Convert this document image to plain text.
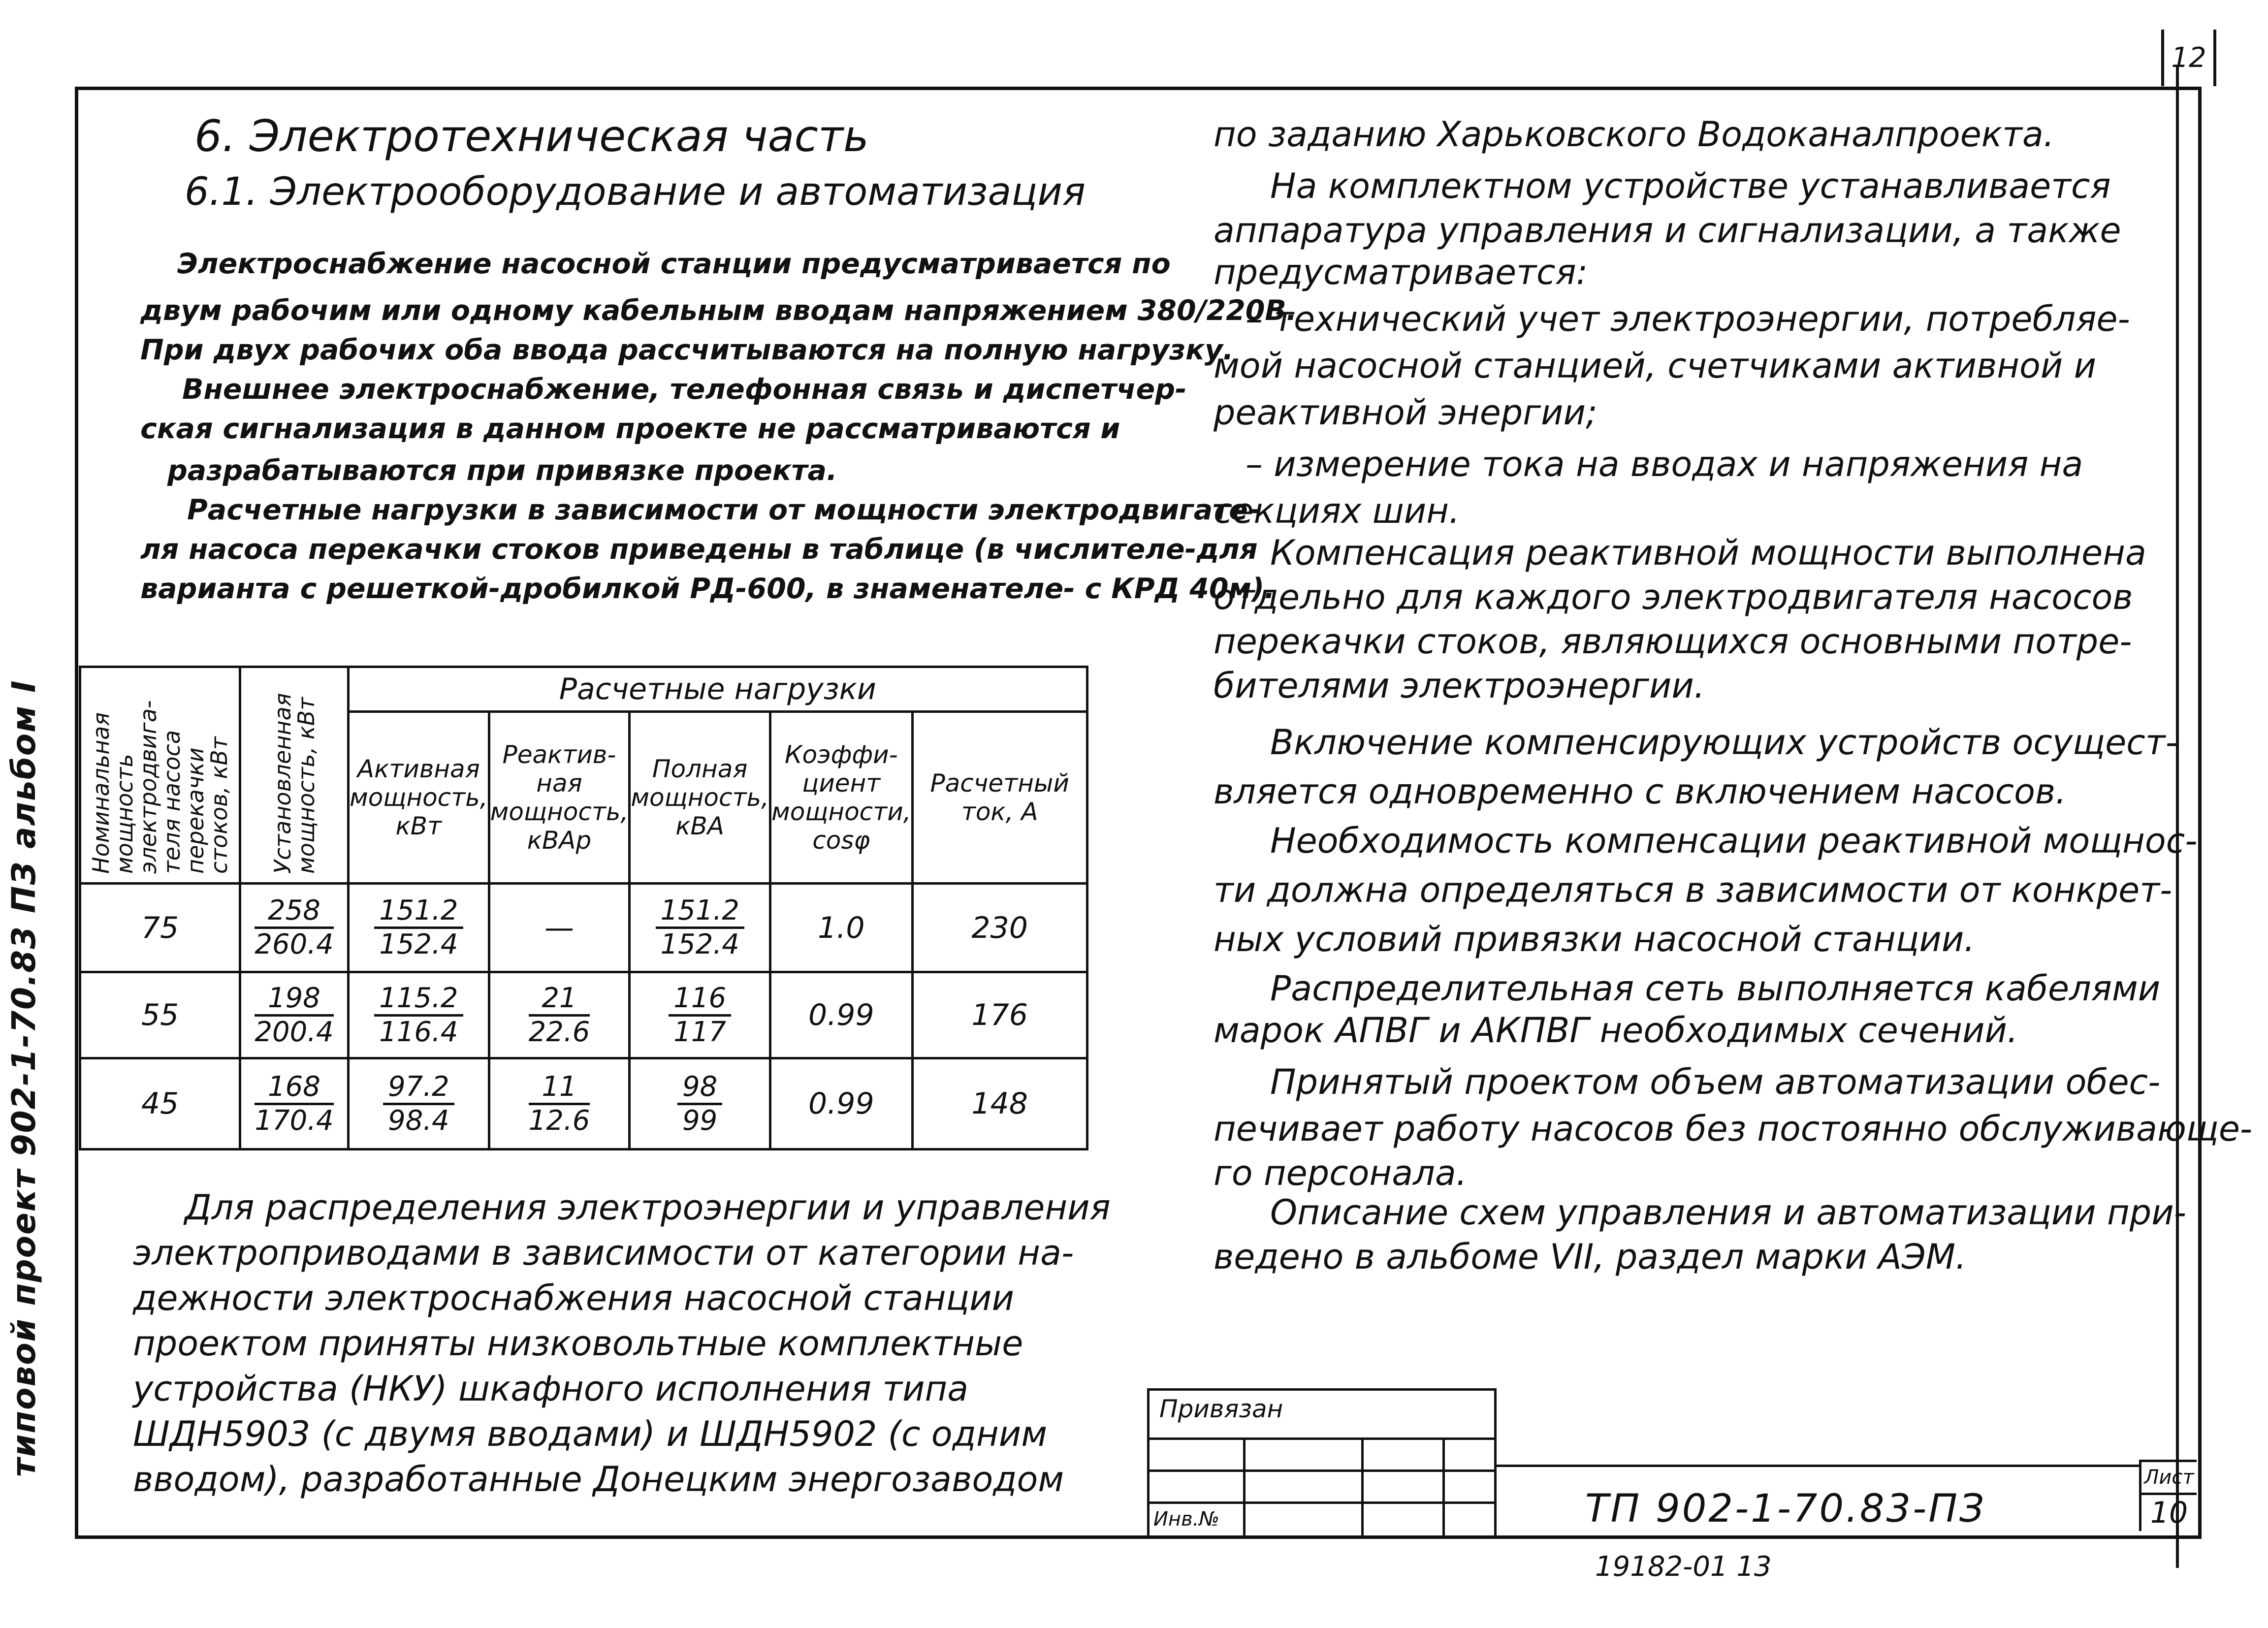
12
типовой проект 902-1-70.83 ПЗ альбом I
6. Электротехническая часть
6.1. Электрооборудование и автоматизация
Электроснабжение насосной станции предусматривается по
двум рабочим или одному кабельным вводам напряжением 380/220В.
При двух рабочих оба ввода рассчитываются на полную нагрузку.
Внешнее электроснабжение, телефонная связь и диспетчер-
ская сигнализация в данном проекте не рассматриваются и
разрабатываются при привязке проекта.
Расчетные нагрузки в зависимости от мощности электродвигате-
ля насоса перекачки стоков приведены в таблице (в числителе-для
варианта с решеткой-дробилкой РД-600, в знаменателе- с КРД 40м).
Номинальная мощность электродвига- теля насоса перекачки стоков, кВт	Установленная мощность, кВт	Расчетные нагрузки				
		Активная мощность, кВт	Реактив- ная мощность, кВАр	Полная мощность, кВА	Коэффи- циент мощности, cosφ	Расчетный ток, А
75	$\frac{258}{260.4}$	$\frac{151.2}{152.4}$	—	$\frac{151.2}{152.4}$	1.0	230
55	$\frac{198}{200.4}$	$\frac{115.2}{116.4}$	$\frac{21}{22.6}$	$\frac{116}{117}$	0.99	176
45	$\frac{168}{170.4}$	$\frac{97.2}{98.4}$	$\frac{11}{12.6}$	$\frac{98}{99}$	0.99	148
Для распределения электроэнергии и управления
электроприводами в зависимости от категории на-
дежности электроснабжения насосной станции
проектом приняты низковольтные комплектные
устройства (НКУ) шкафного исполнения типа
ШДН5903 (с двумя вводами) и ШДН5902 (с одним
вводом), разработанные Донецким энергозаводом
по заданию Харьковского Водоканалпроекта.
На комплектном устройстве устанавливается
аппаратура управления и сигнализации, а также
предусматривается:
– технический учет электроэнергии, потребляе-
мой насосной станцией, счетчиками активной и
реактивной энергии;
– измерение тока на вводах и напряжения на
секциях шин.
Компенсация реактивной мощности выполнена
отдельно для каждого электродвигателя насосов
перекачки стоков, являющихся основными потре-
бителями электроэнергии.
Включение компенсирующих устройств осущест-
вляется одновременно с включением насосов.
Необходимость компенсации реактивной мощнос-
ти должна определяться в зависимости от конкрет-
ных условий привязки насосной станции.
Распределительная сеть выполняется кабелями
марок АПВГ и АКПВГ необходимых сечений.
Принятый проектом объем автоматизации обес-
печивает работу насосов без постоянно обслуживающе-
го персонала.
Описание схем управления и автоматизации при-
ведено в альбоме VII, раздел марки АЭМ.
Привязан
Инв.№	ТП 902-1-70.83-ПЗ
Лист
10
19182-01 13
